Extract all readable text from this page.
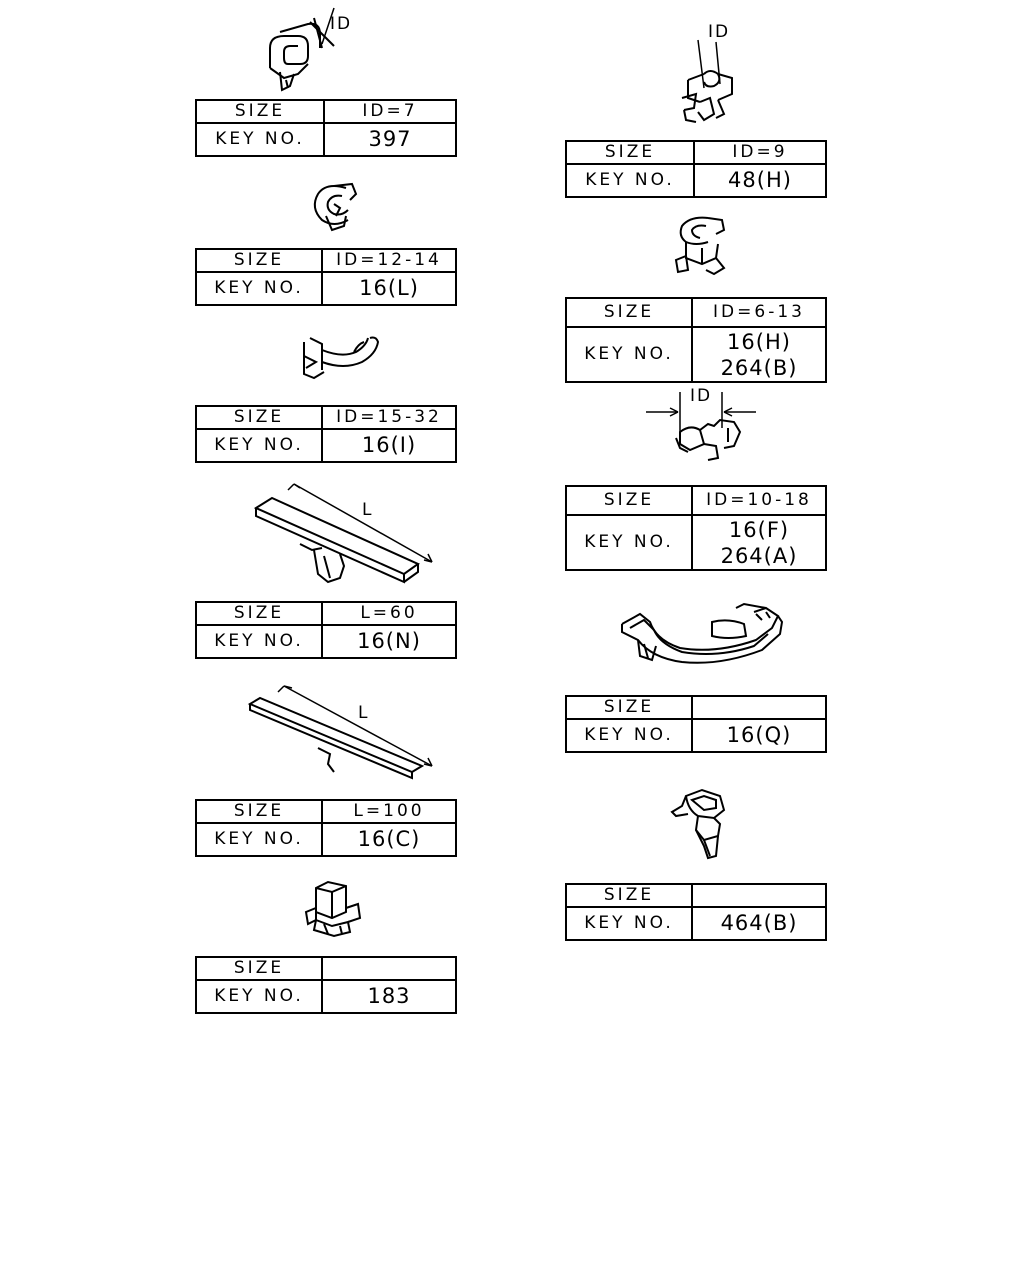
ID
SIZE	ID=7
KEY NO.	397
SIZE	ID=12-14
KEY NO.	16(L)
SIZE	ID=15-32
KEY NO.	16(I)
L
SIZE	L=60
KEY NO.	16(N)
L
SIZE	L=100
KEY NO.	16(C)
SIZE	
KEY NO.	183
ID
SIZE	ID=9
KEY NO.	48(H)
SIZE	ID=6-13
KEY NO.	16(H)
264(B)
ID
SIZE	ID=10-18
KEY NO.	16(F)
264(A)
SIZE	
KEY NO.	16(Q)
SIZE	
KEY NO.	464(B)
